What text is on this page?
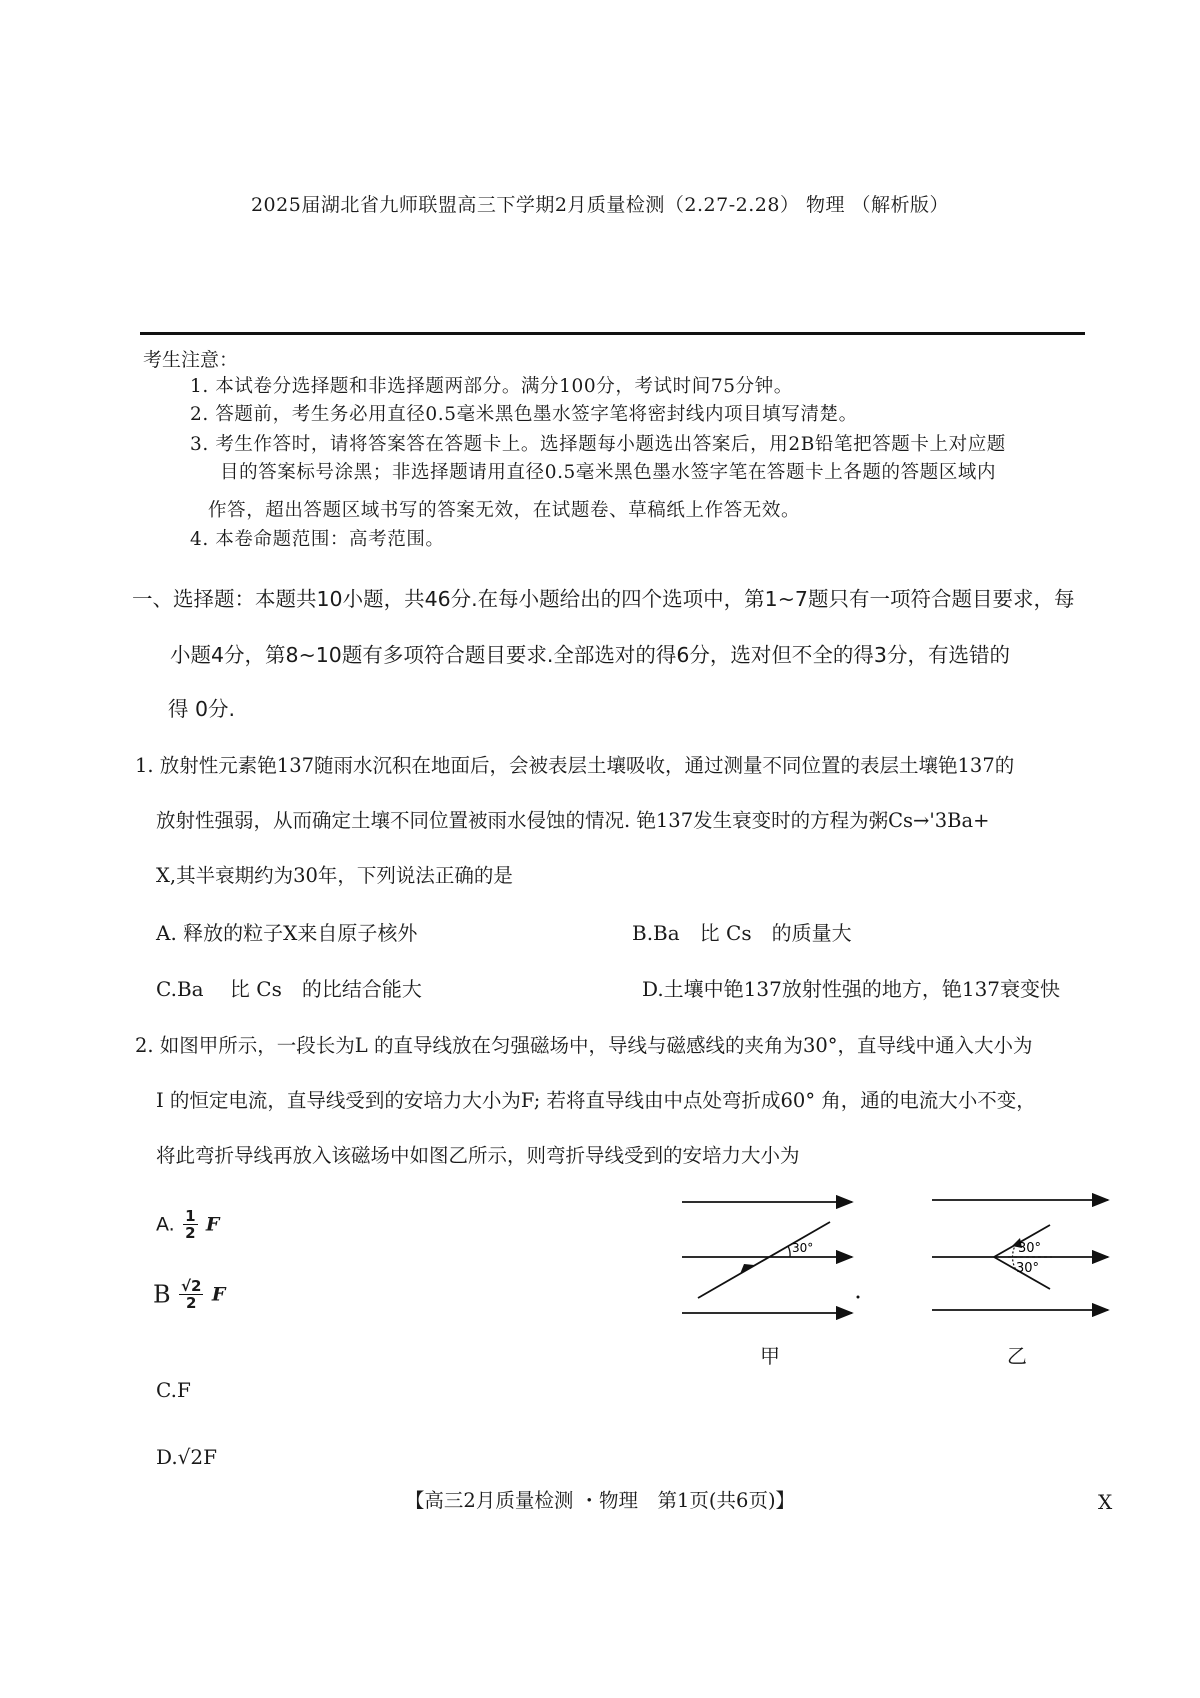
2025届湖北省九师联盟高三下学期2月质量检测（2.27-2.28） 物理 （解析版）
考生注意：
1. 本试卷分选择题和非选择题两部分。满分100分，考试时间75分钟。
2. 答题前，考生务必用直径0.5毫米黑色墨水签字笔将密封线内项目填写清楚。
3. 考生作答时，请将答案答在答题卡上。选择题每小题选出答案后，用2B铅笔把答题卡上对应题
目的答案标号涂黑；非选择题请用直径0.5毫米黑色墨水签字笔在答题卡上各题的答题区域内
作答，超出答题区域书写的答案无效，在试题卷、草稿纸上作答无效。
4. 本卷命题范围：高考范围。
一、选择题：本题共10小题，共46分.在每小题给出的四个选项中，第1~7题只有一项符合题目要求，每
小题4分，第8~10题有多项符合题目要求.全部选对的得6分，选对但不全的得3分，有选错的
得 0分.
1. 放射性元素铯137随雨水沉积在地面后，会被表层土壤吸收，通过测量不同位置的表层土壤铯137的
放射性强弱，从而确定土壤不同位置被雨水侵蚀的情况. 铯137发生衰变时的方程为粥Cs→'3Ba+
X,其半衰期约为30年，下列说法正确的是
A. 释放的粒子X来自原子核外	B.Ba　比 Cs　的质量大
C.Ba　 比 Cs　的比结合能大	D.土壤中铯137放射性强的地方，铯137衰变快
2. 如图甲所示，一段长为L 的直导线放在匀强磁场中，导线与磁感线的夹角为30°，直导线中通入大小为
I 的恒定电流，直导线受到的安培力大小为F; 若将直导线由中点处弯折成60° 角，通的电流大小不变，
将此弯折导线再放入该磁场中如图乙所示，则弯折导线受到的安培力大小为
A. $\frac{1}{2}$ F
B $\frac{√2}{2}$ F
C.F
D.√2F
30°
甲
30°
30°
乙
【高三2月质量检测 ・物理　第1页(共6页)】	X
